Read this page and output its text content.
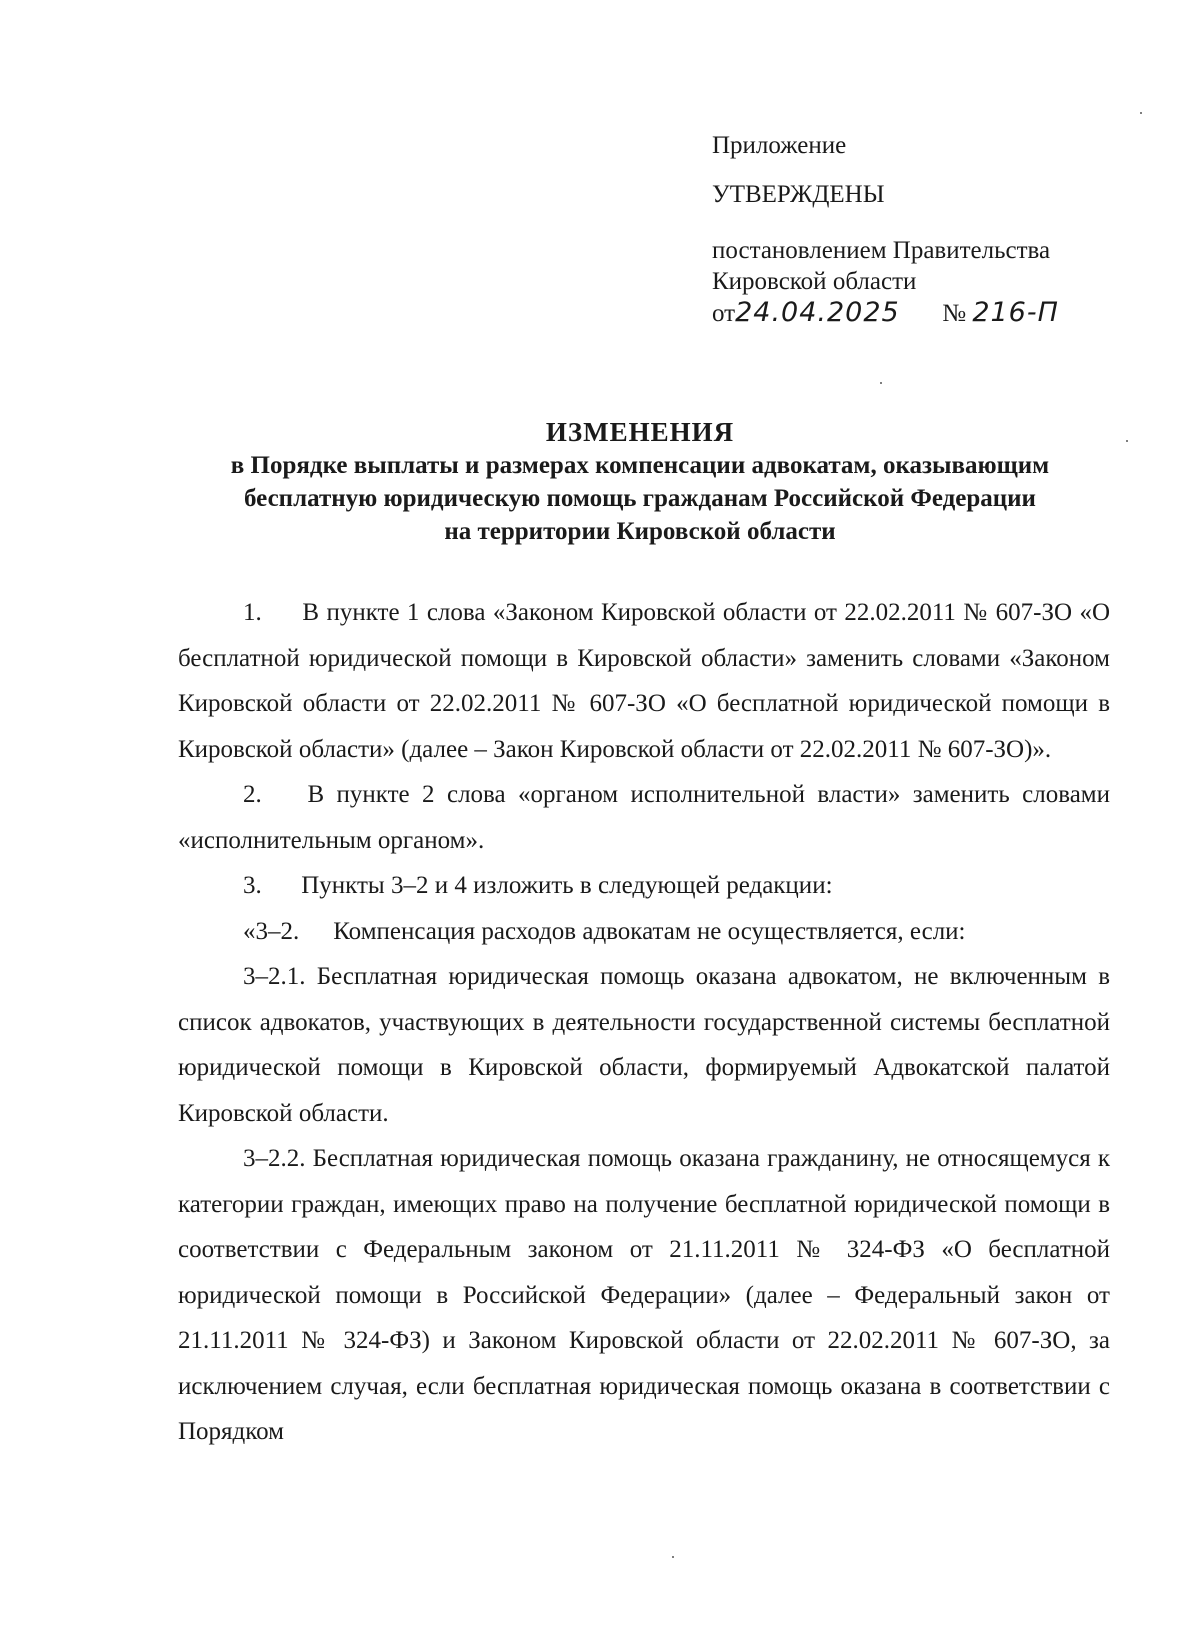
Приложение
УТВЕРЖДЕНЫ
постановлением Правительства
Кировской области
от24.04.2025 № 216-П
ИЗМЕНЕНИЯ
в Порядке выплаты и размерах компенсации адвокатам, оказывающим
бесплатную юридическую помощь гражданам Российской Федерации
на территории Кировской области

1. В пункте 1 слова «Законом Кировской области от 22.02.2011 № 607-ЗО «О бесплатной юридической помощи в Кировской области» заменить словами «Законом Кировской области от 22.02.2011 № 607-ЗО «О бесплатной юридической помощи в Кировской области» (далее – Закон Кировской области от 22.02.2011 № 607-ЗО)».

2. В пункте 2 слова «органом исполнительной власти» заменить словами «исполнительным органом».

3. Пункты 3–2 и 4 изложить в следующей редакции:

«3–2. Компенсация расходов адвокатам не осуществляется, если:

3–2.1. Бесплатная юридическая помощь оказана адвокатом, не включенным в список адвокатов, участвующих в деятельности государственной системы бесплатной юридической помощи в Кировской области, формируемый Адвокатской палатой Кировской области.

3–2.2. Бесплатная юридическая помощь оказана гражданину, не относящемуся к категории граждан, имеющих право на получение бесплатной юридической помощи в соответствии с Федеральным законом от 21.11.2011 № 324-ФЗ «О бесплатной юридической помощи в Российской Федерации» (далее – Федеральный закон от 21.11.2011 № 324-ФЗ) и Законом Кировской области от 22.02.2011 № 607-ЗО, за исключением случая, если бесплатная юридическая помощь оказана в соответствии с Порядком
